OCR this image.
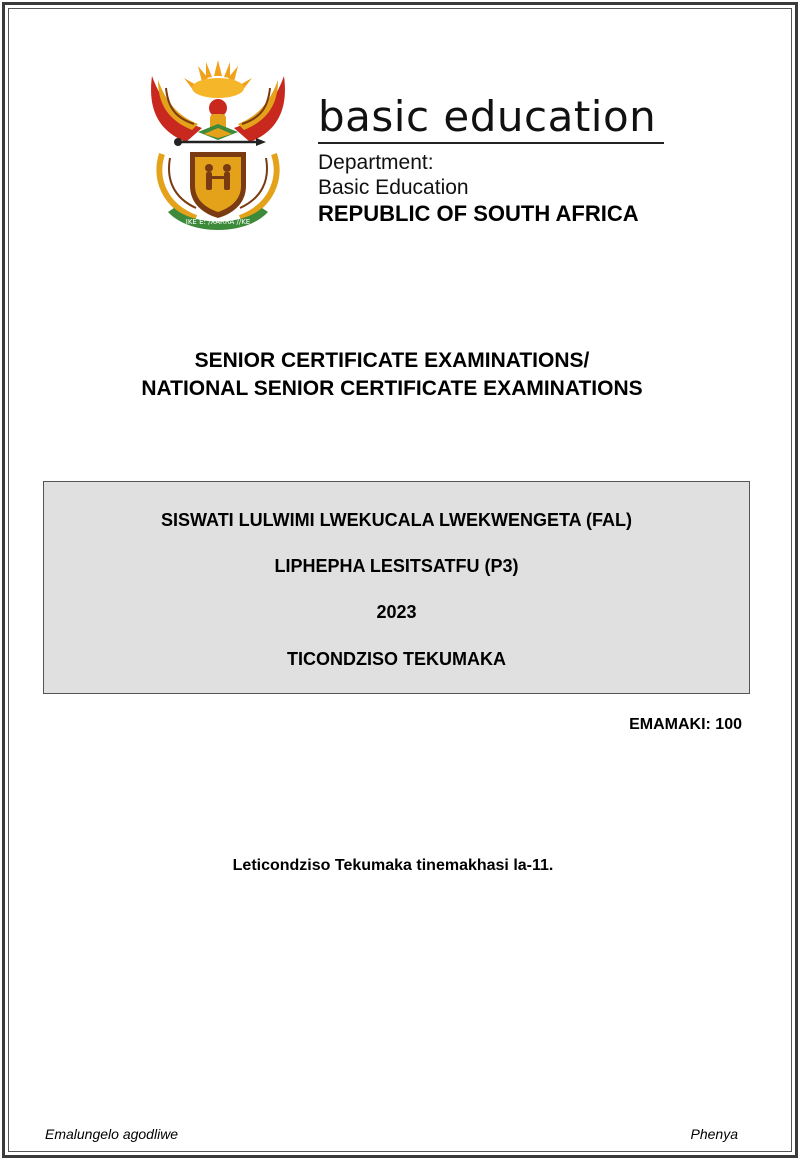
IKE E: /XARRA //KE
basic education
Department:
Basic Education
REPUBLIC OF SOUTH AFRICA
SENIOR CERTIFICATE EXAMINATIONS/
NATIONAL SENIOR CERTIFICATE EXAMINATIONS
SISWATI LULWIMI LWEKUCALA LWEKWENGETA (FAL)
LIPHEPHA LESITSATFU (P3)
2023
TICONDZISO TEKUMAKA
EMAMAKI: 100
Leticondziso Tekumaka tinemakhasi la-11.
Emalungelo agodliwe	Phenya
